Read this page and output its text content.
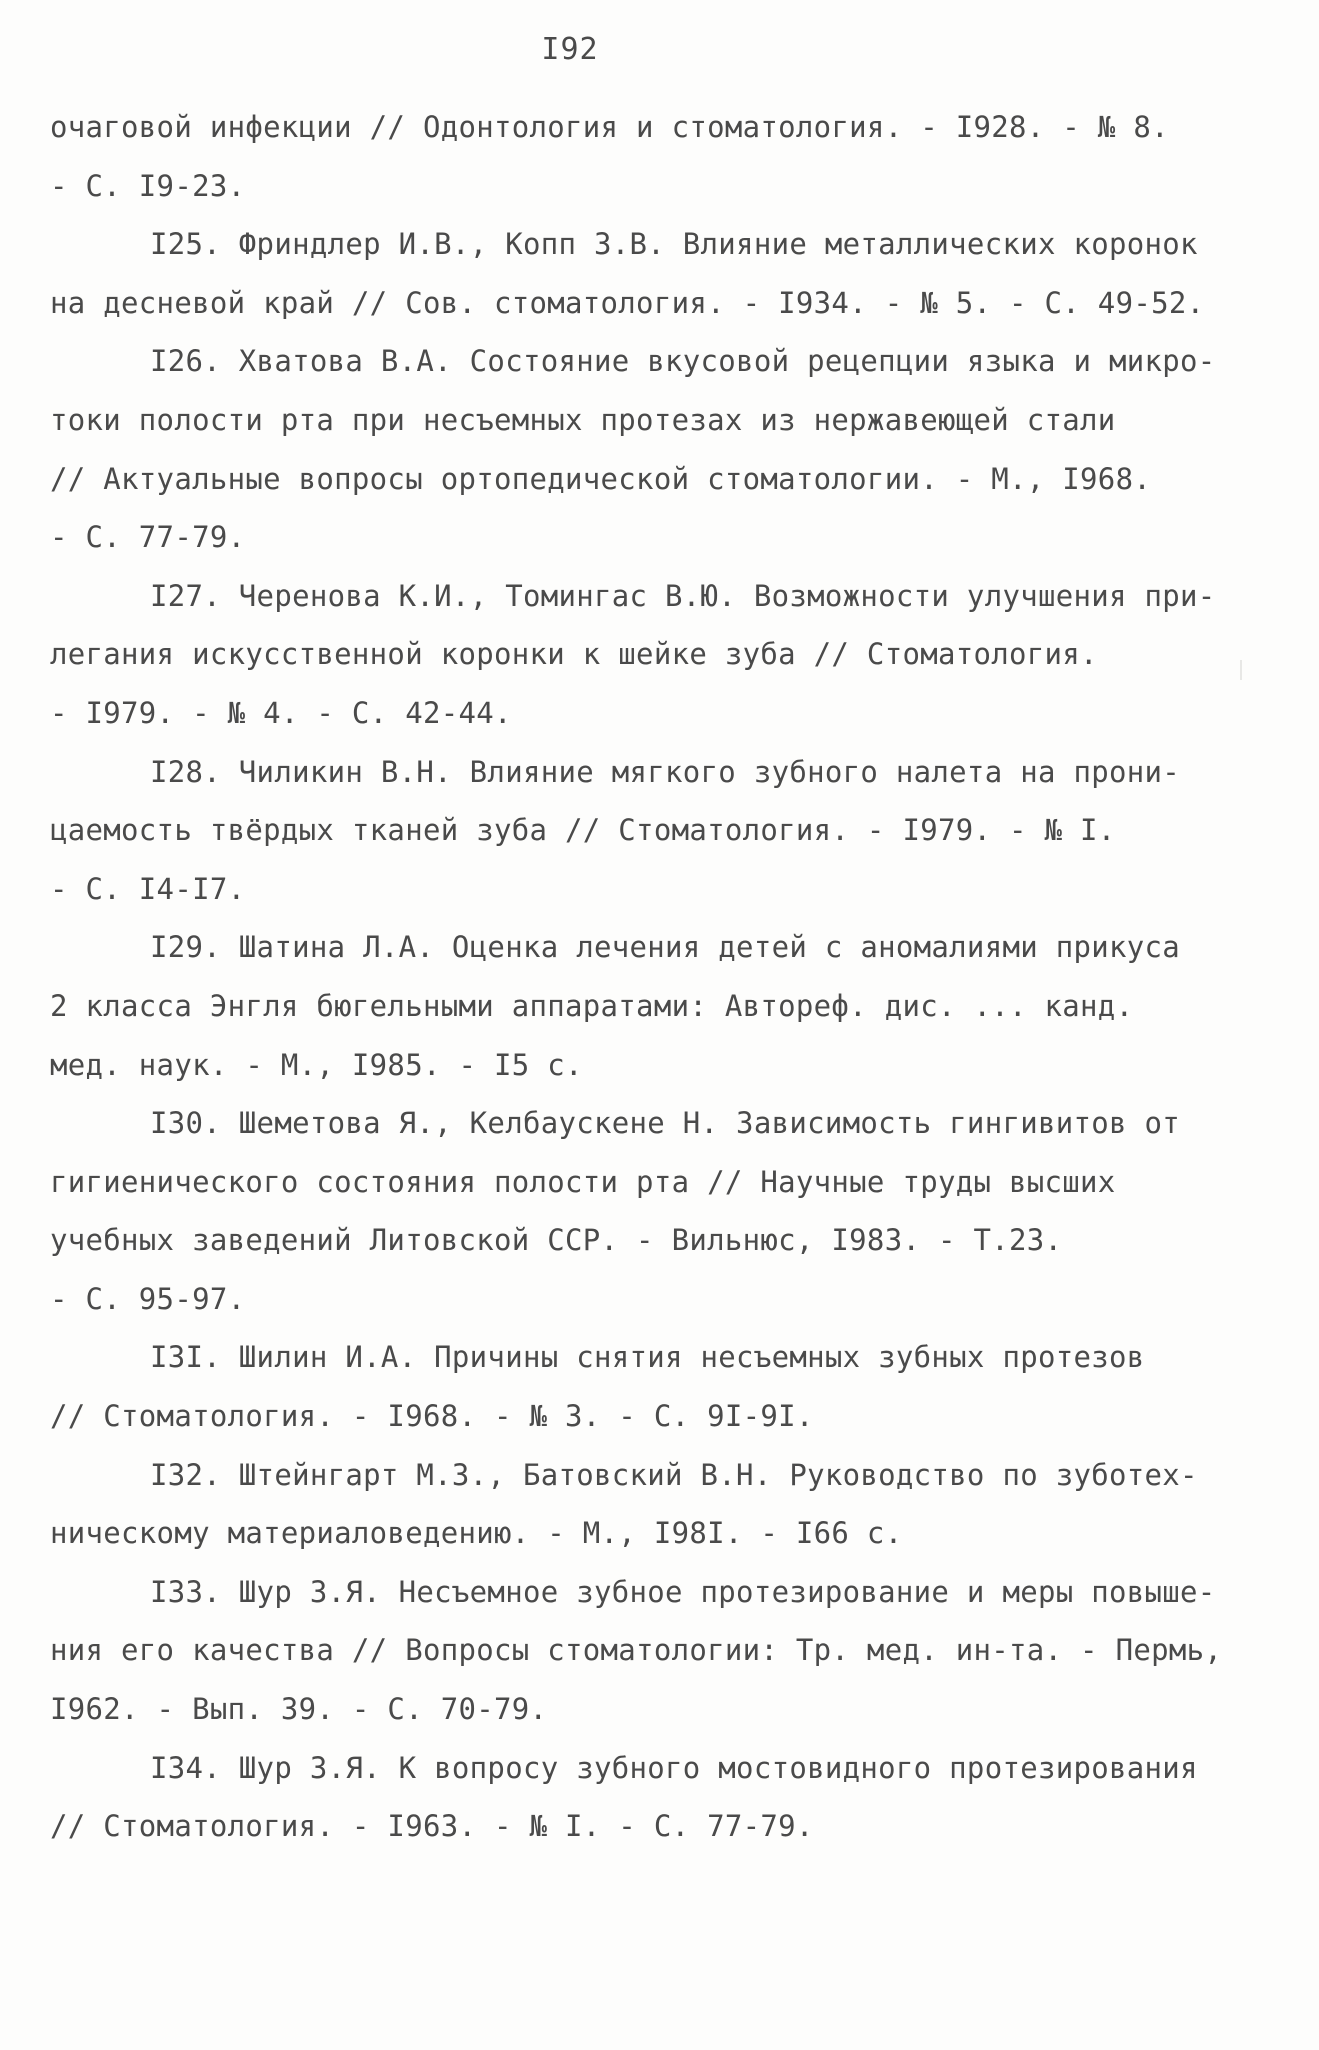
I92
очаговой инфекции // Одонтология и стоматология. - I928. - № 8.
- С. I9-23.
I25. Фриндлер И.В., Копп З.В. Влияние металлических коронок
на десневой край // Сов. стоматология. - I934. - № 5. - С. 49-52.
I26. Хватова В.А. Состояние вкусовой рецепции языка и микро-
токи полости рта при несъемных протезах из нержавеющей стали
// Актуальные вопросы ортопедической стоматологии. - М., I968.
- С. 77-79.
I27. Черенова К.И., Томингас В.Ю. Возможности улучшения при-
легания искусственной коронки к шейке зуба // Стоматология.
- I979. - № 4. - С. 42-44.
I28. Чиликин В.Н. Влияние мягкого зубного налета на прони-
цаемость твёрдых тканей зуба // Стоматология. - I979. - № I.
- С. I4-I7.
I29. Шатина Л.А. Оценка лечения детей с аномалиями прикуса
2 класса Энгля бюгельными аппаратами: Автореф. дис. ... канд.
мед. наук. - М., I985. - I5 с.
I30. Шеметова Я., Келбаускене Н. Зависимость гингивитов от
гигиенического состояния полости рта // Научные труды высших
учебных заведений Литовской ССР. - Вильнюс, I983. - Т.23.
- С. 95-97.
I3I. Шилин И.А. Причины снятия несъемных зубных протезов
// Стоматология. - I968. - № 3. - С. 9I-9I.
I32. Штейнгарт М.З., Батовский В.Н. Руководство по зуботех-
ническому материаловедению. - М., I98I. - I66 с.
I33. Шур З.Я. Несъемное зубное протезирование и меры повыше-
ния его качества // Вопросы стоматологии: Тр. мед. ин-та. - Пермь,
I962. - Вып. 39. - С. 70-79.
I34. Шур З.Я. К вопросу зубного мостовидного протезирования
// Стоматология. - I963. - № I. - С. 77-79.
